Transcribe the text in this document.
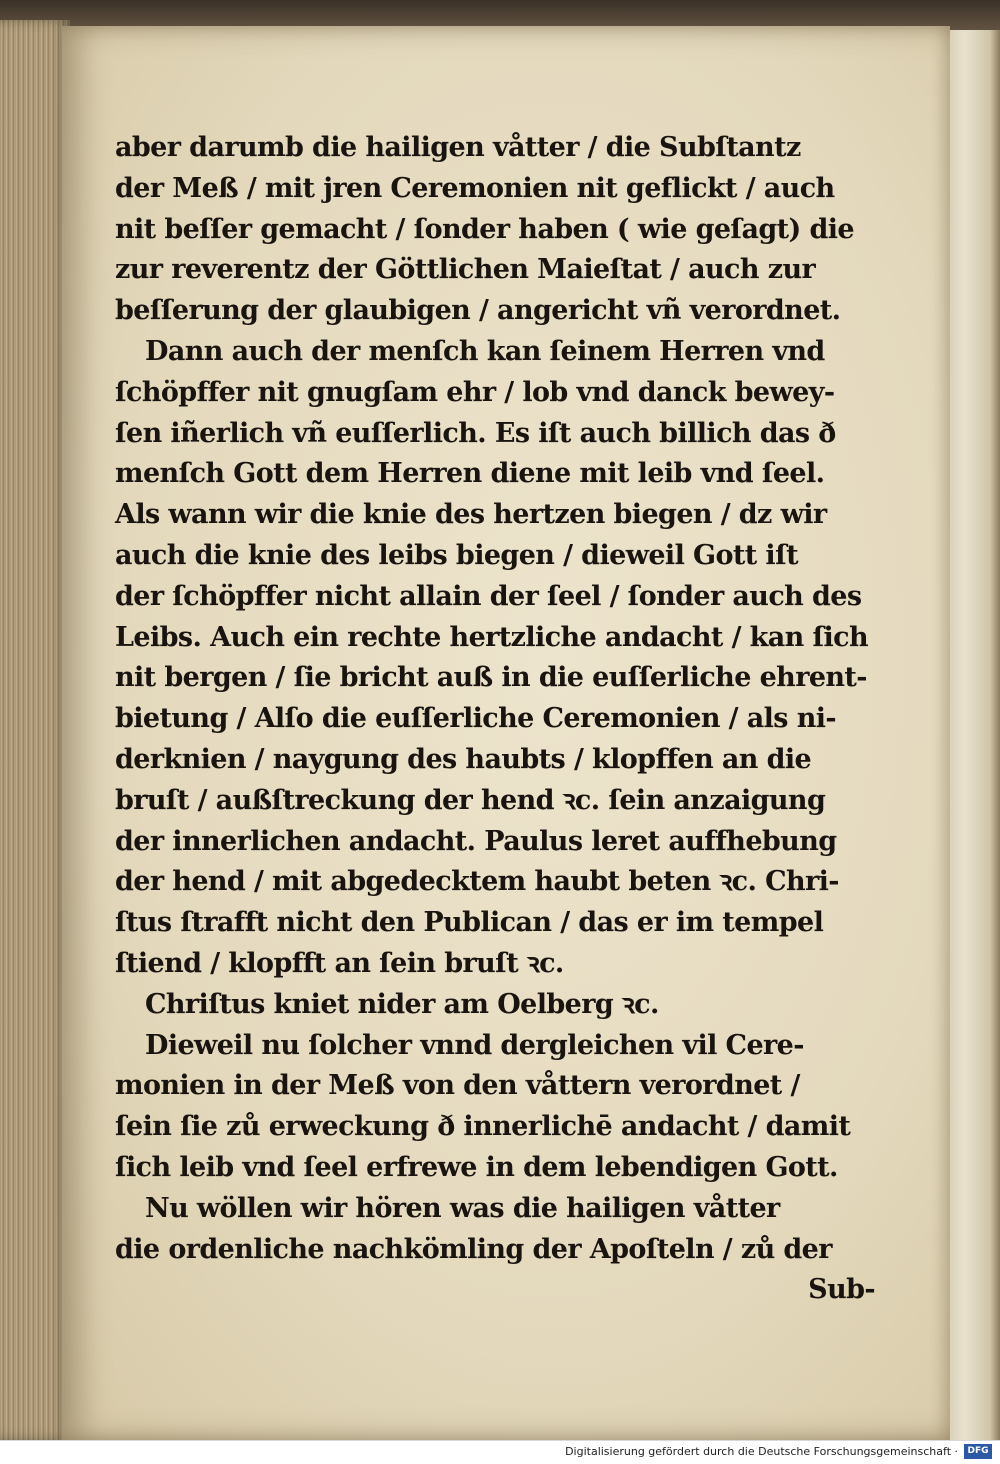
aber darumb die hailigen våtter / die Subſtantz
der Meß / mit jren Ceremonien nit geflickt / auch
nit beſſer gemacht / ſonder haben ( wie geſagt) die
zur reverentz der Göttlichen Maieſtat / auch zur
beſſerung der glaubigen / angericht vñ verordnet.
Dann auch der menſch kan ſeinem Herren vnd
ſchöpffer nit gnugſam ehr / lob vnd danck bewey-
ſen iñerlich vñ euſſerlich. Es iſt auch billich das ð
menſch Gott dem Herren diene mit leib vnd ſeel.
Als wann wir die knie des hertzen biegen / dz wir
auch die knie des leibs biegen / dieweil Gott iſt
der ſchöpffer nicht allain der ſeel / ſonder auch des
Leibs. Auch ein rechte hertzliche andacht / kan ſich
nit bergen / ſie bricht auß in die euſſerliche ehrent-
bietung / Alſo die euſſerliche Ceremonien / als ni-
derknien / naygung des haubts / klopffen an die
bruſt / außſtreckung der hend ꝛc. ſein anzaigung
der innerlichen andacht. Paulus leret auffhebung
der hend / mit abgedecktem haubt beten ꝛc. Chri-
ſtus ſtrafft nicht den Publican / das er im tempel
ſtiend / klopfft an ſein bruſt ꝛc.
Chriſtus kniet nider am Oelberg ꝛc.
Dieweil nu ſolcher vnnd dergleichen vil Cere-
monien in der Meß von den våttern verordnet /
ſein ſie zů erweckung ð innerlichē andacht / damit
ſich leib vnd ſeel erfrewe in dem lebendigen Gott.
Nu wöllen wir hören was die hailigen våtter
die ordenliche nachkömling der Apoſteln / zů der
Sub-
Digitalisierung gefördert durch die Deutsche Forschungsgemeinschaft ·	DFG
